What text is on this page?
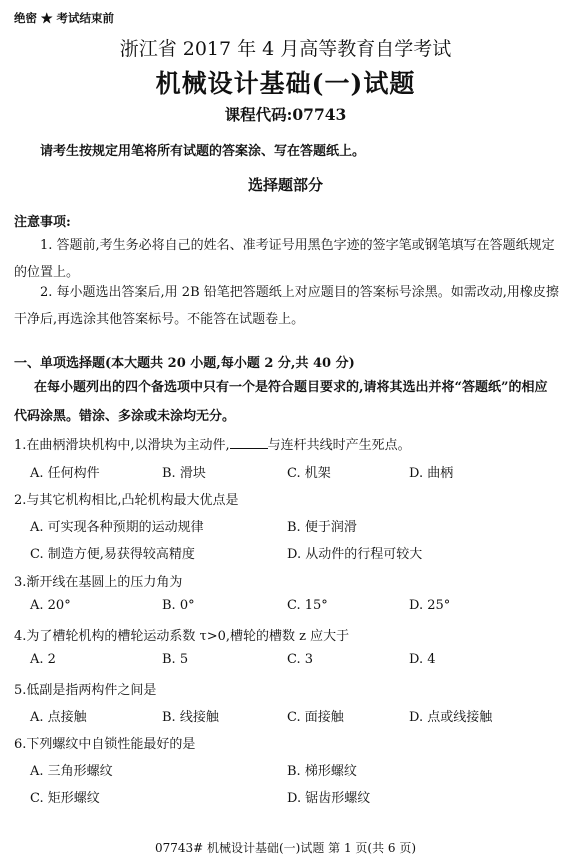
绝密 ★ 考试结束前
浙江省 2017 年 4 月高等教育自学考试
机械设计基础(一)试题
课程代码:07743
请考生按规定用笔将所有试题的答案涂、写在答题纸上。
选择题部分
注意事项:
1. 答题前,考生务必将自己的姓名、准考证号用黑色字迹的签字笔或钢笔填写在答题纸规定的位置上。
2. 每小题选出答案后,用 2B 铅笔把答题纸上对应题目的答案标号涂黑。如需改动,用橡皮擦干净后,再选涂其他答案标号。不能答在试题卷上。
一、单项选择题(本大题共 20 小题,每小题 2 分,共 40 分)
在每小题列出的四个备选项中只有一个是符合题目要求的,请将其选出并将“答题纸”的相应代码涂黑。错涂、多涂或未涂均无分。
1.在曲柄滑块机构中,以滑块为主动件,	与连杆共线时产生死点。
A. 任何构件	B. 滑块	C. 机架	D. 曲柄
2.与其它机构相比,凸轮机构最大优点是
A. 可实现各种预期的运动规律	B. 便于润滑
C. 制造方便,易获得较高精度	D. 从动件的行程可较大
3.渐开线在基圆上的压力角为
A. 20°	B. 0°	C. 15°	D. 25°
4.为了槽轮机构的槽轮运动系数 τ>0,槽轮的槽数 z 应大于
A. 2	B. 5	C. 3	D. 4
5.低副是指两构件之间是
A. 点接触	B. 线接触	C. 面接触	D. 点或线接触
6.下列螺纹中自锁性能最好的是
A. 三角形螺纹	B. 梯形螺纹
C. 矩形螺纹	D. 锯齿形螺纹
07743# 机械设计基础(一)试题 第 1 页(共 6 页)
